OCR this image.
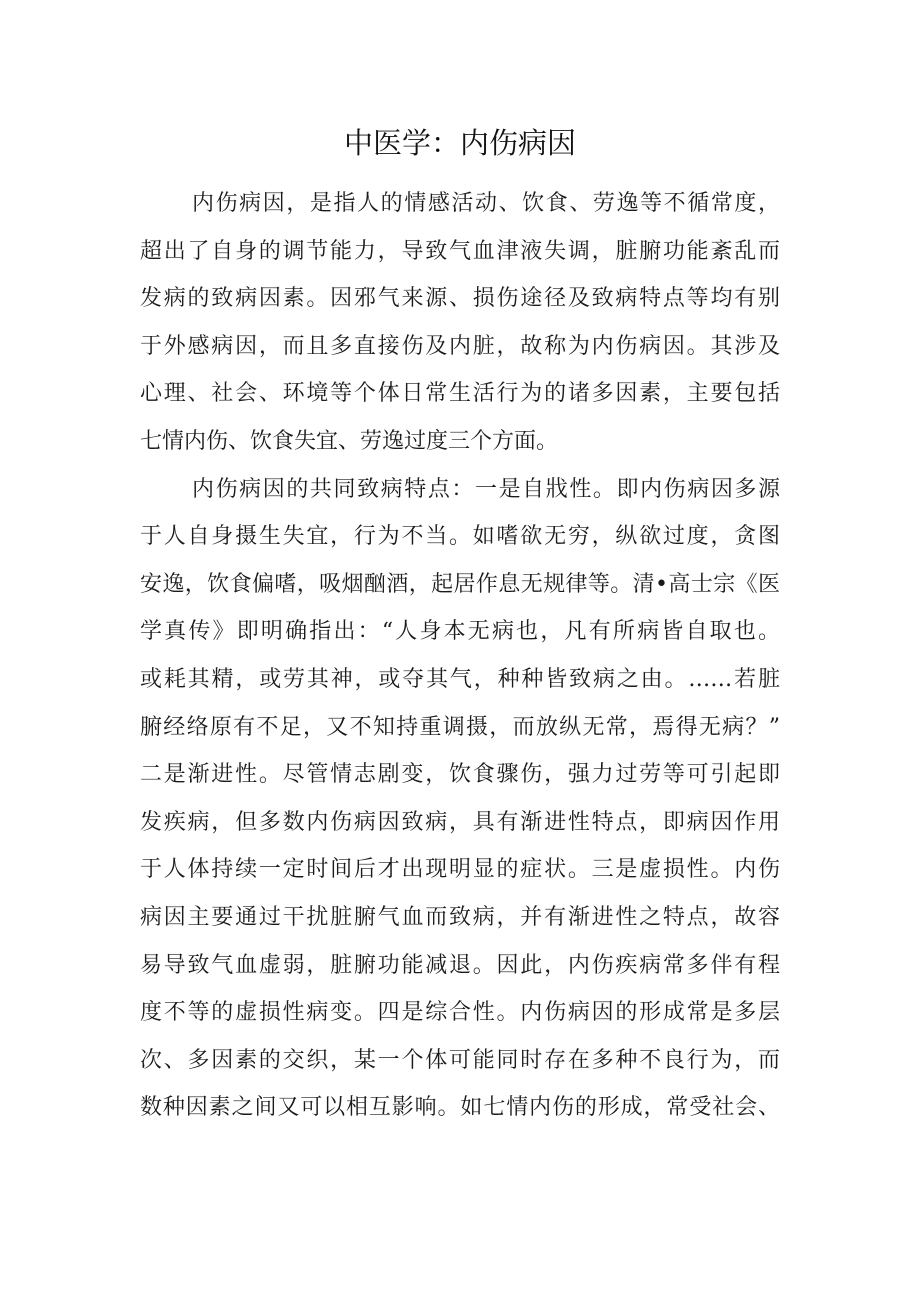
中医学：内伤病因
内伤病因，是指人的情感活动、饮食、劳逸等不循常度，
超出了自身的调节能力，导致气血津液失调，脏腑功能紊乱而
发病的致病因素。因邪气来源、损伤途径及致病特点等均有别
于外感病因，而且多直接伤及内脏，故称为内伤病因。其涉及
心理、社会、环境等个体日常生活行为的诸多因素，主要包括
七情内伤、饮食失宜、劳逸过度三个方面。
内伤病因的共同致病特点：一是自戕性。即内伤病因多源
于人自身摄生失宜，行为不当。如嗜欲无穷，纵欲过度，贪图
安逸，饮食偏嗜，吸烟酗酒，起居作息无规律等。清•高士宗《医
学真传》即明确指出：“人身本无病也，凡有所病皆自取也。
或耗其精，或劳其神，或夺其气，种种皆致病之由。……若脏
腑经络原有不足，又不知持重调摄，而放纵无常，焉得无病？”
二是渐进性。尽管情志剧变，饮食骤伤，强力过劳等可引起即
发疾病，但多数内伤病因致病，具有渐进性特点，即病因作用
于人体持续一定时间后才出现明显的症状。三是虚损性。内伤
病因主要通过干扰脏腑气血而致病，并有渐进性之特点，故容
易导致气血虚弱，脏腑功能减退。因此，内伤疾病常多伴有程
度不等的虚损性病变。四是综合性。内伤病因的形成常是多层
次、多因素的交织，某一个体可能同时存在多种不良行为，而
数种因素之间又可以相互影响。如七情内伤的形成，常受社会、
